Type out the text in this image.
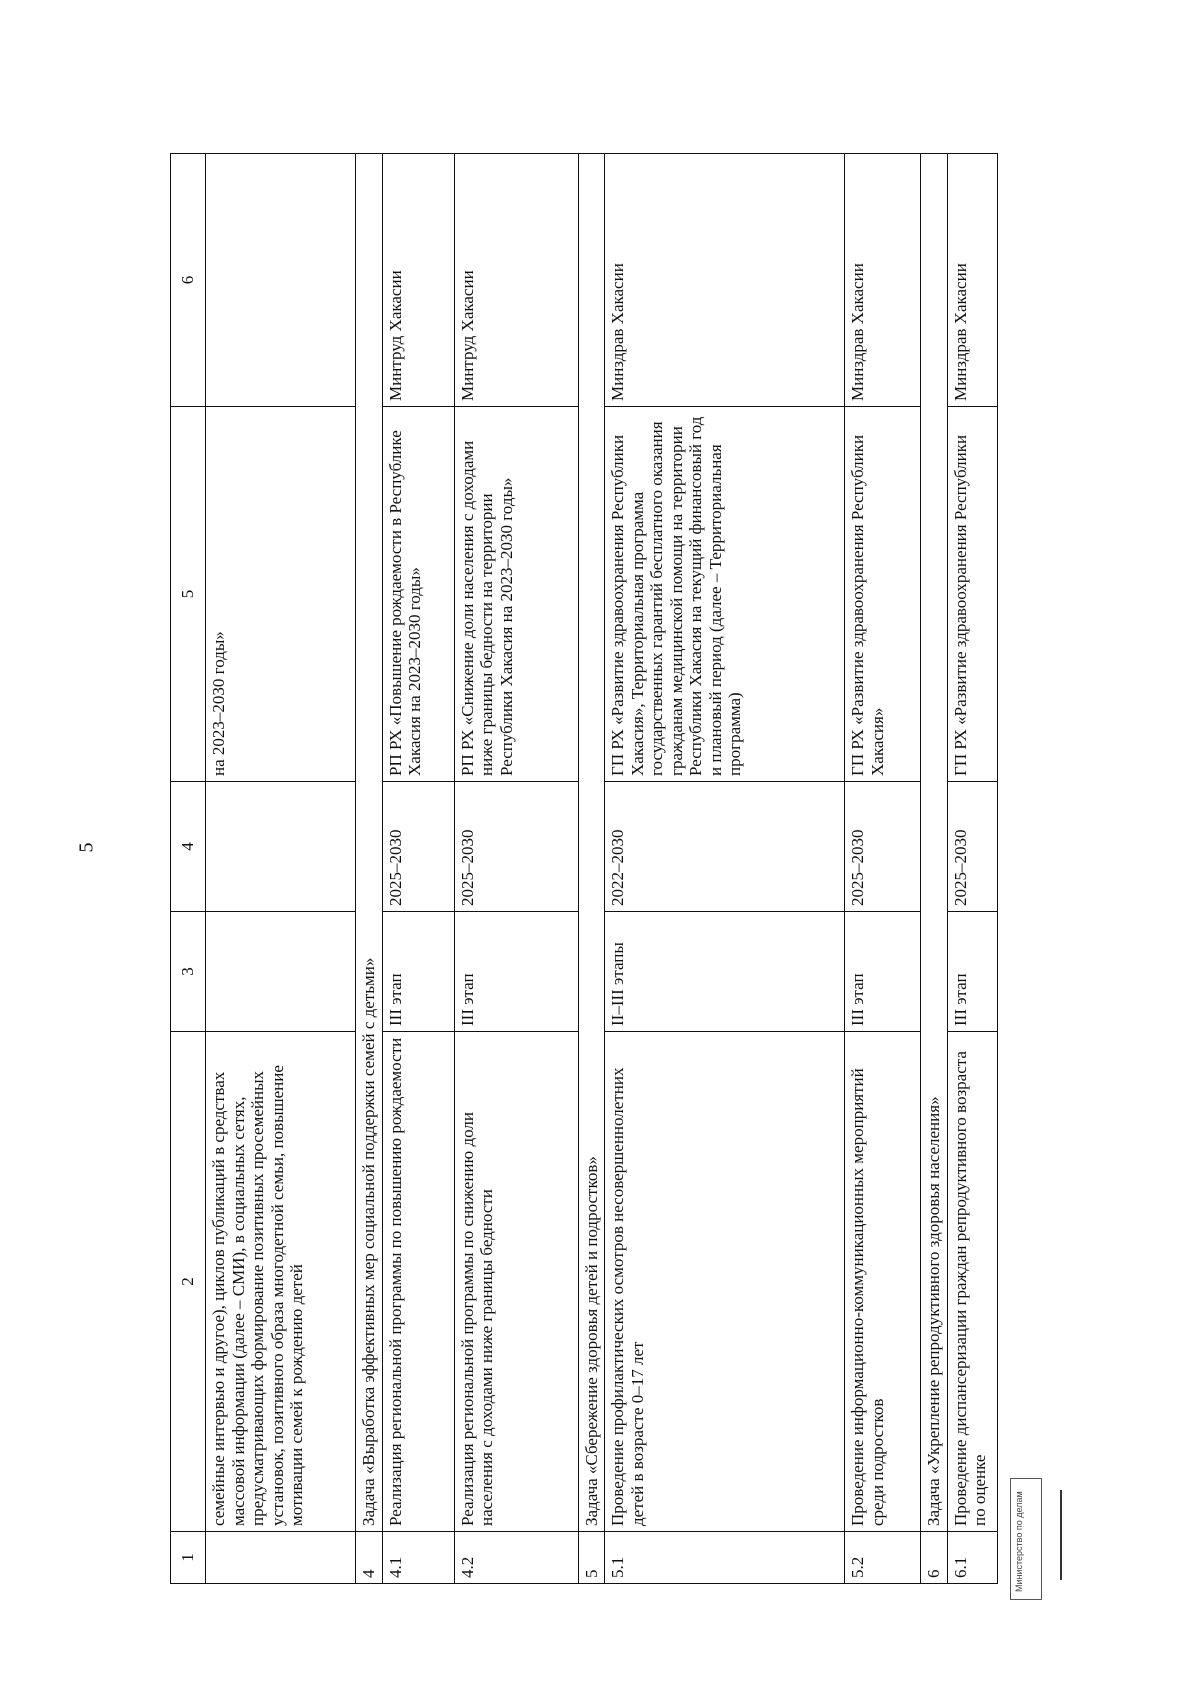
5
1	2	3	4	5	6
	семейные интервью и другое), циклов публикаций в средствах массовой информации (далее – СМИ), в социальных сетях, предусматривающих формирование позитивных просемейных установок, позитивного образа многодетной семьи, повышение мотивации семей к рождению детей			на 2023–2030 годы»	
4	Задача «Выработка эффективных мер социальной поддержки семей с детьми»				
4.1	Реализация региональной программы по повышению рождаемости	III этап	2025–2030	РП РХ «Повышение рождаемости в Республике Хакасия на 2023–2030 годы»	Минтруд Хакасии
4.2	Реализация региональной программы по снижению доли населения с доходами ниже границы бедности	III этап	2025–2030	РП РХ «Снижение доли населения с доходами ниже границы бедности на территории Республики Хакасия на 2023–2030 годы»	Минтруд Хакасии
5	Задача «Сбережение здоровья детей и подростков»				
5.1	Проведение профилактических осмотров несовершеннолетних детей в возрасте 0–17 лет	II–III этапы	2022–2030	ГП РХ «Развитие здравоохранения Республики Хакасия», Территориальная программа государственных гарантий бесплатного оказания гражданам медицинской помощи на территории Республики Хакасия на текущий финансовый год и плановый период (далее – Территориальная программа)	Минздрав Хакасии
5.2	Проведение информационно-коммуникационных мероприятий среди подростков	III этап	2025–2030	ГП РХ «Развитие здравоохранения Республики Хакасия»	Минздрав Хакасии
6	Задача «Укрепление репродуктивного здоровья населения»				
6.1	Проведение диспансеризации граждан репродуктивного возраста по оценке	III этап	2025–2030	ГП РХ «Развитие здравоохранения Республики	Минздрав Хакасии
Министерство по делам
